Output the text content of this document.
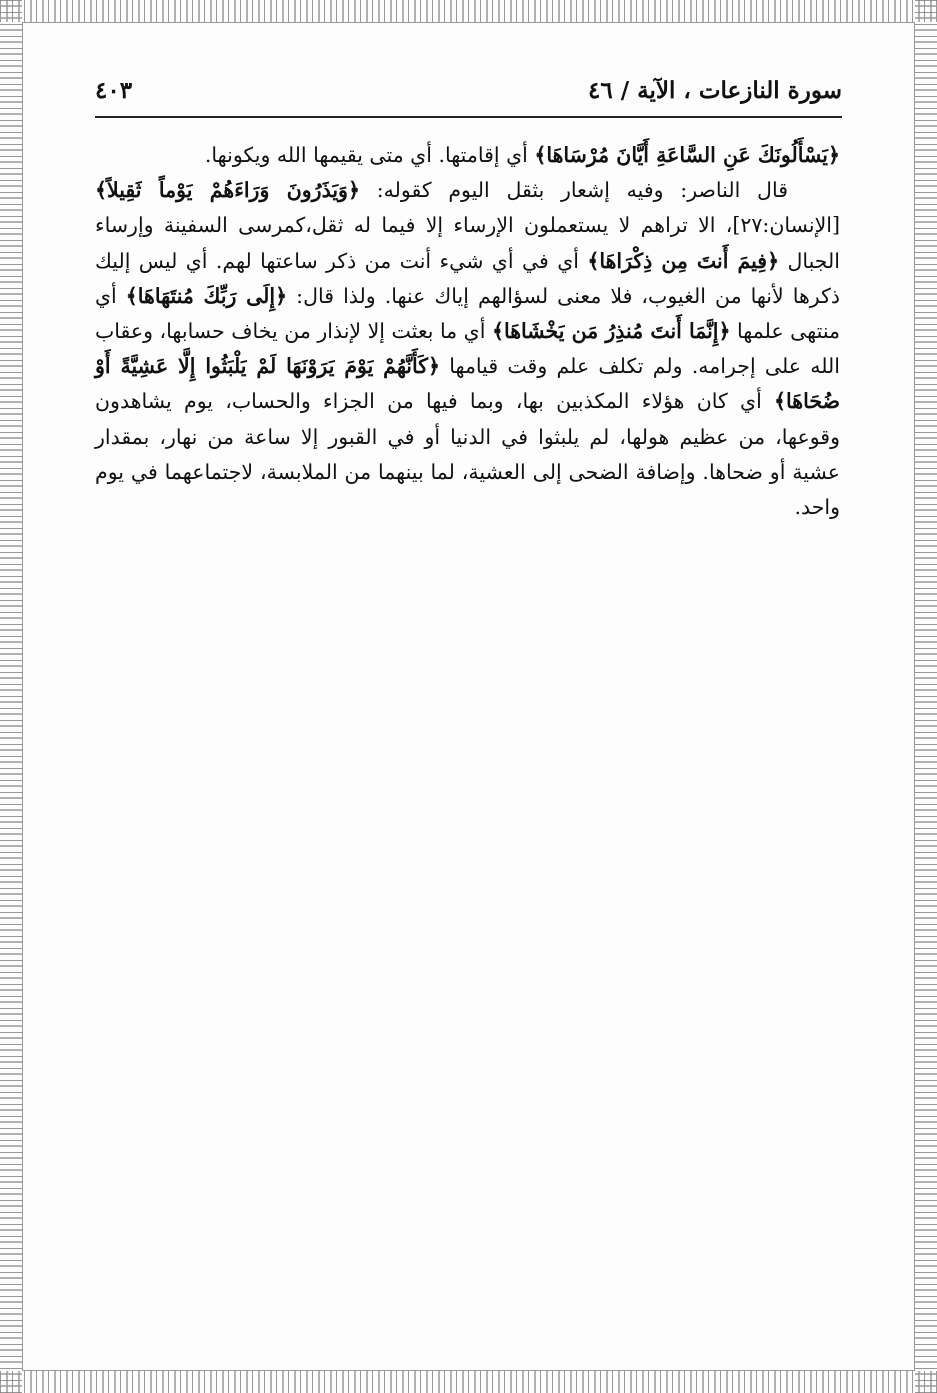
سورة النازعات ، الآية / ٤٦
٤٠٣

﴿يَسْأَلُونَكَ عَنِ السَّاعَةِ أَيَّانَ مُرْسَاهَا﴾ أي إقامتها. أي متى يقيمها الله ويكونها.

قال الناصر: وفيه إشعار بثقل اليوم كقوله: ﴿وَيَذَرُونَ وَرَاءَهُمْ يَوْماً ثَقِيلاً﴾ [الإنسان:٢٧]، الا تراهم لا يستعملون الإرساء إلا فيما له ثقل،كمرسى السفينة وإرساء الجبال ﴿فِيمَ أَنتَ مِن ذِكْرَاهَا﴾ أي في أي شيء أنت من ذكر ساعتها لهم. أي ليس إليك ذكرها لأنها من الغيوب، فلا معنى لسؤالهم إياك عنها. ولذا قال: ﴿إِلَى رَبِّكَ مُنتَهَاهَا﴾ أي منتهى علمها ﴿إِنَّمَا أَنتَ مُنذِرُ مَن يَخْشَاهَا﴾ أي ما بعثت إلا لإنذار من يخاف حسابها، وعقاب الله على إجرامه. ولم تكلف علم وقت قيامها ﴿كَأَنَّهُمْ يَوْمَ يَرَوْنَهَا لَمْ يَلْبَثُوا إِلَّا عَشِيَّةً أَوْ ضُحَاهَا﴾ أي كان هؤلاء المكذبين بها، وبما فيها من الجزاء والحساب، يوم يشاهدون وقوعها، من عظيم هولها، لم يلبثوا في الدنيا أو في القبور إلا ساعة من نهار، بمقدار عشية أو ضحاها. وإضافة الضحى إلى العشية، لما بينهما من الملابسة، لاجتماعهما في يوم واحد.
